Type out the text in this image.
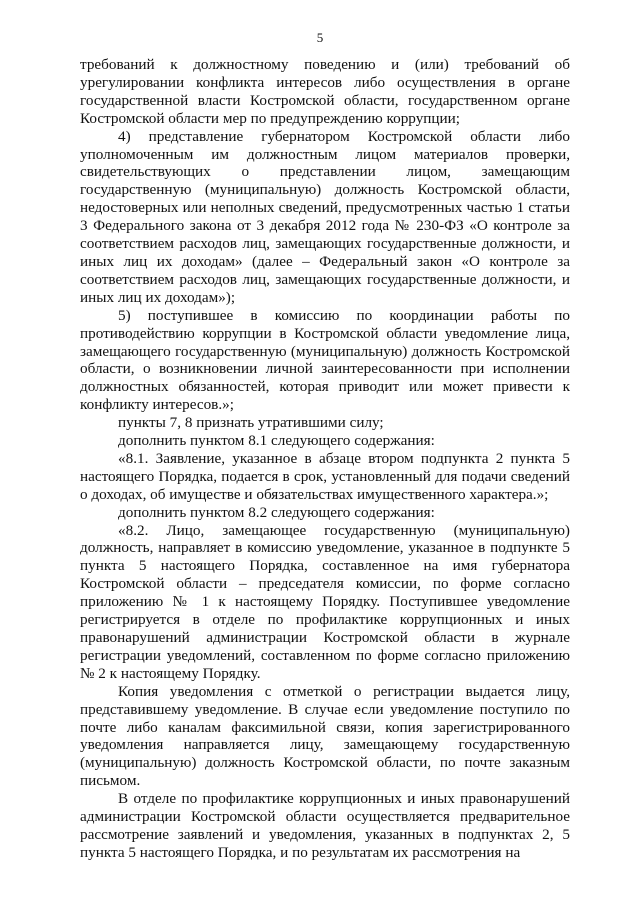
5

требований к должностному поведению и (или) требований об урегулировании конфликта интересов либо осуществления в органе государственной власти Костромской области, государственном органе Костромской области мер по предупреждению коррупции;

4) представление губернатором Костромской области либо уполномоченным им должностным лицом материалов проверки, свидетельствующих о представлении лицом, замещающим государственную (муниципальную) должность Костромской области, недостоверных или неполных сведений, предусмотренных частью 1 статьи 3 Федерального закона от 3 декабря 2012 года № 230-ФЗ «О контроле за соответствием расходов лиц, замещающих государственные должности, и иных лиц их доходам» (далее – Федеральный закон «О контроле за соответствием расходов лиц, замещающих государственные должности, и иных лиц их доходам»);

5) поступившее в комиссию по координации работы по противодействию коррупции в Костромской области уведомление лица, замещающего государственную (муниципальную) должность Костромской области, о возникновении личной заинтересованности при исполнении должностных обязанностей, которая приводит или может привести к конфликту интересов.»;

пункты 7, 8 признать утратившими силу;

дополнить пунктом 8.1 следующего содержания:

«8.1. Заявление, указанное в абзаце втором подпункта 2 пункта 5 настоящего Порядка, подается в срок, установленный для подачи сведений о доходах, об имуществе и обязательствах имущественного характера.»;

дополнить пунктом 8.2 следующего содержания:

«8.2. Лицо, замещающее государственную (муниципальную) должность, направляет в комиссию уведомление, указанное в подпункте 5 пункта 5 настоящего Порядка, составленное на имя губернатора Костромской области – председателя комиссии, по форме согласно приложению № 1 к настоящему Порядку. Поступившее уведомление регистрируется в отделе по профилактике коррупционных и иных правонарушений администрации Костромской области в журнале регистрации уведомлений, составленном по форме согласно приложению № 2 к настоящему Порядку.

Копия уведомления с отметкой о регистрации выдается лицу, представившему уведомление. В случае если уведомление поступило по почте либо каналам факсимильной связи, копия зарегистрированного уведомления направляется лицу, замещающему государственную (муниципальную) должность Костромской области, по почте заказным письмом.

В отделе по профилактике коррупционных и иных правонарушений администрации Костромской области осуществляется предварительное рассмотрение заявлений и уведомления, указанных в подпунктах 2, 5 пункта 5 настоящего Порядка, и по результатам их рассмотрения на
